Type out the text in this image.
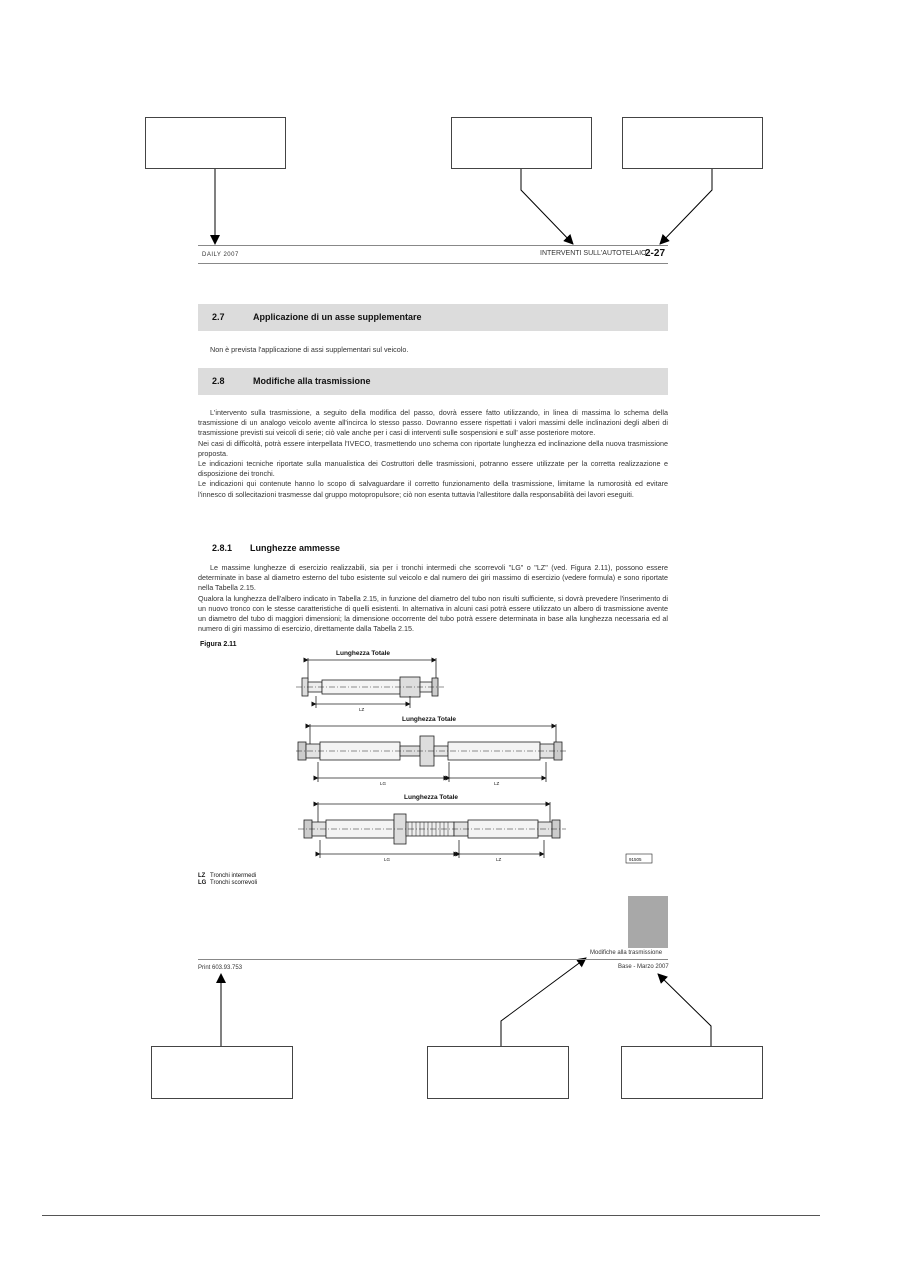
DAILY 2007	INTERVENTI SULL'AUTOTELAIO
2-27
2.7	Applicazione di un asse supplementare

Non è prevista l'applicazione di assi supplementari sul veicolo.

2.8	Modifiche alla trasmissione

L'intervento sulla trasmissione, a seguito della modifica del passo, dovrà essere fatto utilizzando, in linea di massima lo schema della trasmissione di un analogo veicolo avente all'incirca lo stesso passo. Dovranno essere rispettati i valori massimi delle inclinazioni degli alberi di trasmissione previsti sui veicoli di serie; ciò vale anche per i casi di interventi sulle sospensioni e sull' asse posteriore motore.

Nei casi di difficoltà, potrà essere interpellata l'IVECO, trasmettendo uno schema con riportate lunghezza ed inclinazione della nuova trasmissione proposta.

Le indicazioni tecniche riportate sulla manualistica dei Costruttori delle trasmissioni, potranno essere utilizzate per la corretta realizzazione e disposizione dei tronchi.

Le indicazioni qui contenute hanno lo scopo di salvaguardare il corretto funzionamento della trasmissione, limitarne la rumorosità ed evitare l'innesco di sollecitazioni trasmesse dal gruppo motopropulsore; ciò non esenta tuttavia l'allestitore dalla responsabilità dei lavori eseguiti.

2.8.1 Lunghezze ammesse

Le massime lunghezze di esercizio realizzabili, sia per i tronchi intermedi che scorrevoli "LG" o "LZ" (ved. Figura 2.11), possono essere determinate in base al diametro esterno del tubo esistente sul veicolo e dal numero dei giri massimo di esercizio (vedere formula) e sono riportate nella Tabella 2.15.

Qualora la lunghezza dell'albero indicato in Tabella 2.15, in funzione del diametro del tubo non risulti sufficiente, si dovrà prevedere l'inserimento di un nuovo tronco con le stesse caratteristiche di quelli esistenti. In alternativa in alcuni casi potrà essere utilizzato un albero di trasmissione avente un diametro del tubo di maggiori dimensioni; la dimensione occorrente del tubo potrà essere determinata in base alla lunghezza necessaria ed al numero di giri massimo di esercizio, direttamente dalla Tabella 2.15.

Figura 2.11
Lunghezza Totale
LZ
Lunghezza Totale
LG	LZ
Lunghezza Totale
LG	LZ	91505
LZ Tronchi intermedi
LG Tronchi scorrevoli
Modifiche alla trasmissione
Print 603.93.753	Base - Marzo 2007
